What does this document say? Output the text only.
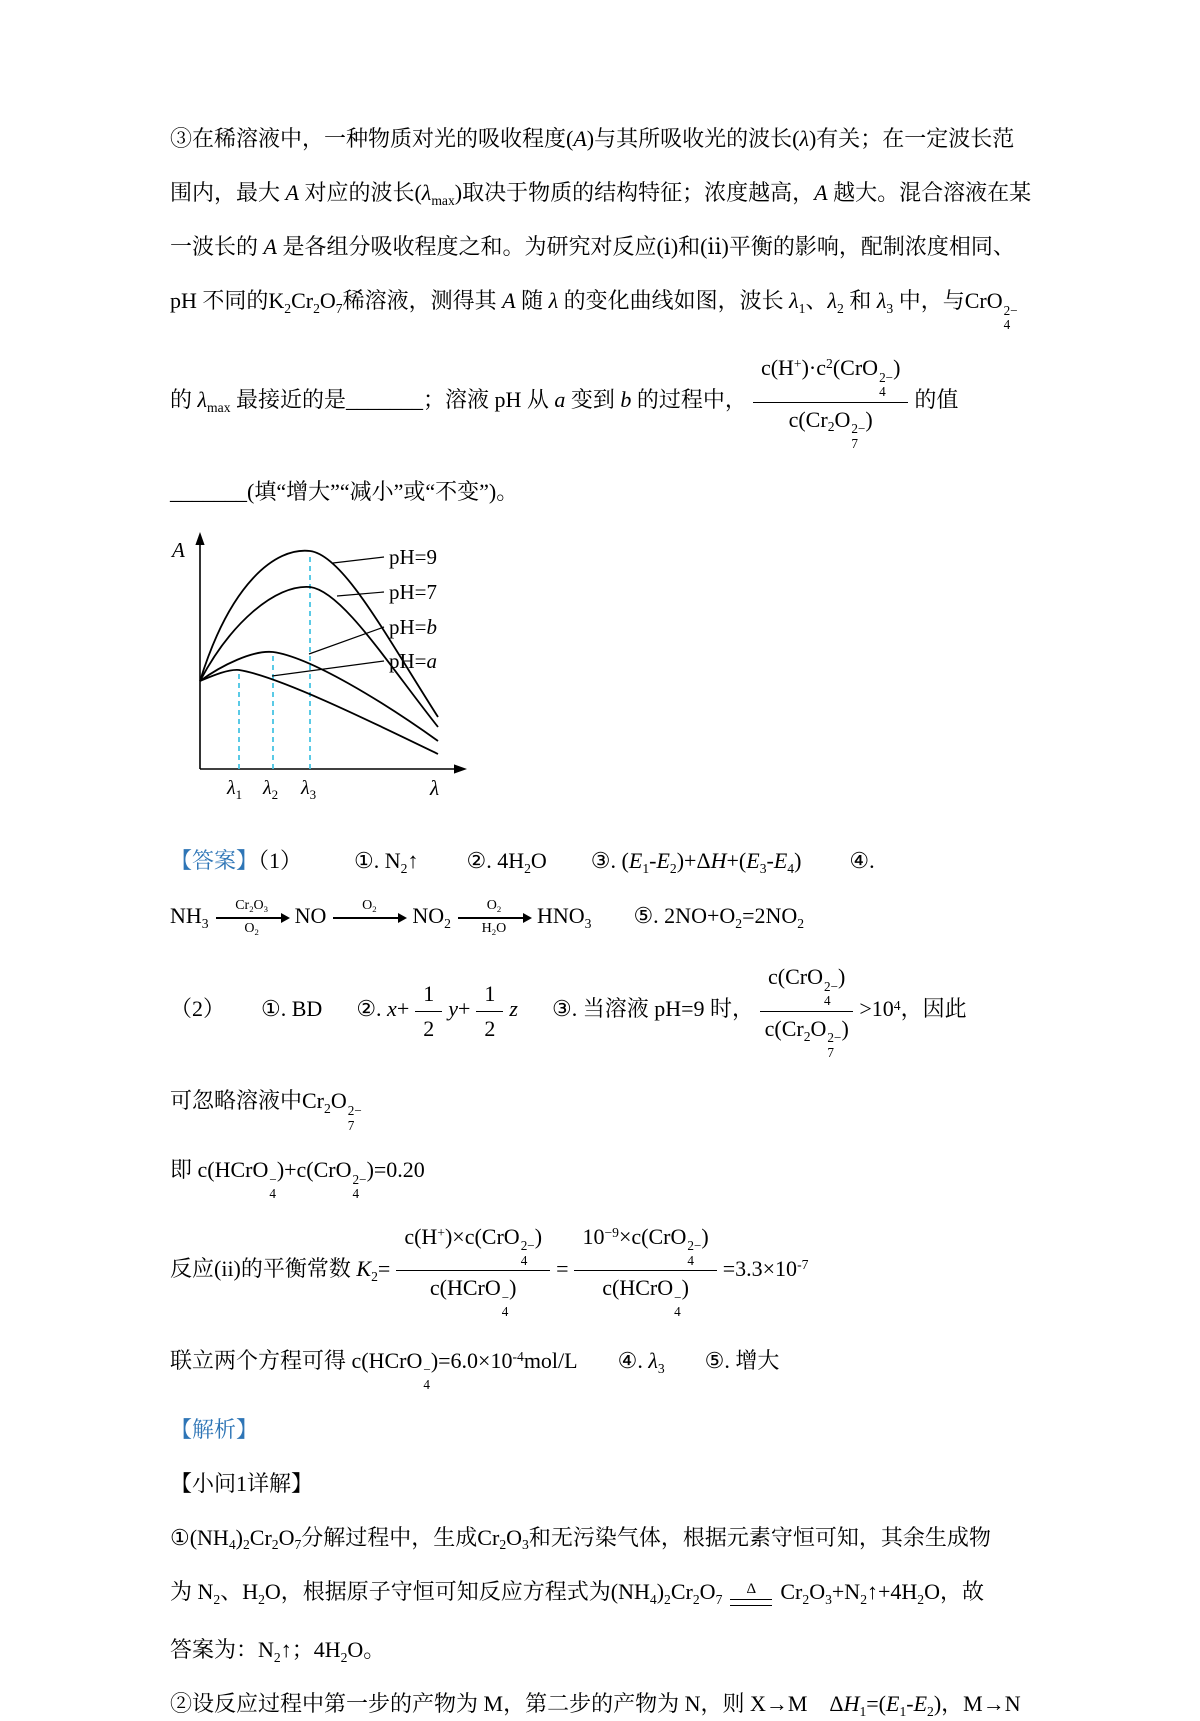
③在稀溶液中，一种物质对光的吸收程度(A)与其所吸收光的波长(λ)有关；在一定波长范

围内，最大 A 对应的波长$(\lambda_{max})$取决于物质的结构特征；浓度越高，A 越大。混合溶液在某

一波长的 A 是各组分吸收程度之和。为研究对反应(ⅰ)和(ⅱ)平衡的影响，配制浓度相同、

pH 不同的$K_2Cr_2O_7$稀溶液，测得其 A 随 λ 的变化曲线如图，波长 $\lambda_1$、$\lambda_2$ 和 $\lambda_3$ 中，与CrO 2−
4

的 $\lambda_{max}$ 最接近的是_______；溶液 pH 从 a 变到 b 的过程中， $c(H^+)\cdot c^2(CrO$ 2−
4
)
$c(Cr_2O$ 2−
7
) 的值

_______(填“增大”“减小”或“不变”)。

A
λ
pH=9
pH=7
pH=b
pH=a
$\lambda_1$ $\lambda_2$ $\lambda_3$

【答案】（1） ①. $N_2↑$ ②. $4H_2O$ ③. $(E_1-E_2)+\Delta H+(E_3-E_4)$ ④.

$NH_3 \frac{Cr_2O_3}{O_2}$ NO	$O_2$ $NO_2 \frac{O_2}{H_2O} HNO_3$ ⑤. $2NO+O_2=2NO_2$

（2） ①. BD ②. $x+ \frac{1}{2} y+ \frac{1}{2}$ z ③. 当溶液 pH=9 时， c(CrO 2−
4
)
$c(Cr_2O$ 2−
7
) $>10^4$，因此

可忽略溶液中$Cr_2O$ 2−
7

即 c(HCrO −
4
)+c(CrO 2−
4
)=0.20

反应(ii)的平衡常数 $K_2= c(H^+)\times c(CrO$ 2−
4
)
c(HCrO −
4
) = $10^{-9}\times c(CrO$ 2−
4
)
c(HCrO −
4
) $=3.3\times 10^{-7}$

联立两个方程可得 c(HCrO −
4
)$=6.0\times 10^{-4}mol/L$ ④. $\lambda_3$ ⑤. 增大

【解析】

【小问1详解】

$①(NH_4)_2Cr_2O_7$分解过程中，生成$Cr_2O_3$和无污染气体，根据元素守恒可知，其余生成物

为 $N_2$、$H_2O$，根据原子守恒可知反应方程式为$(NH_4)_2Cr_2O_7$
Δ $Cr_2O_3+N_2↑+4H_2O$，故

答案为：$N_2↑$；$4H_2O$。

②设反应过程中第一步的产物为 M，第二步的产物为 N，则 X→M $\Delta H_1=(E_1-E_2)$，M→N
